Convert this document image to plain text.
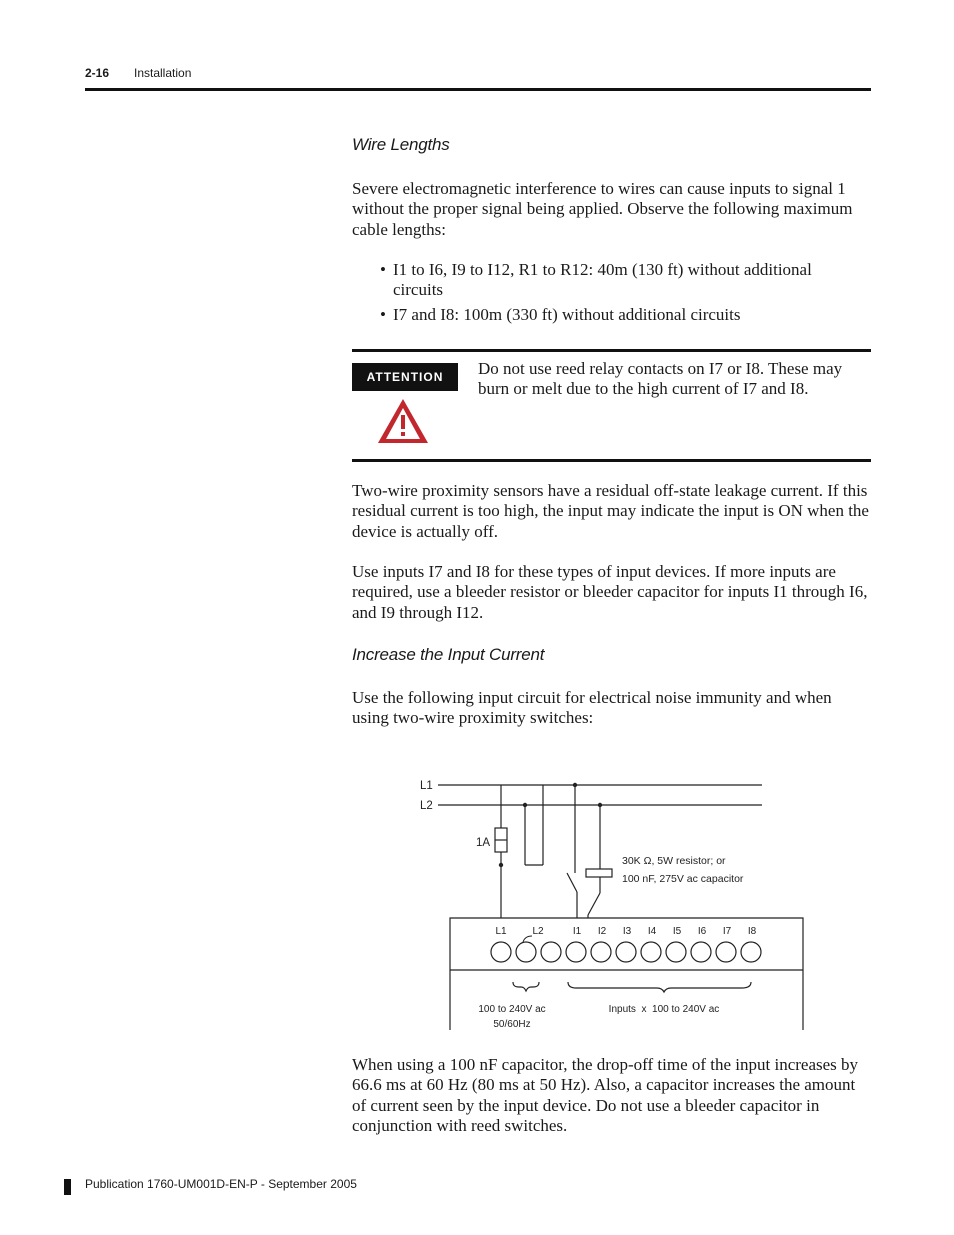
2-16 Installation
Wire Lengths
Severe electromagnetic interference to wires can cause inputs to signal 1 without the proper signal being applied. Observe the following maximum cable lengths:
• I1 to I6, I9 to I12, R1 to R12: 40m (130 ft) without additional circuits
• I7 and I8: 100m (330 ft) without additional circuits
ATTENTION	Do not use reed relay contacts on I7 or I8. These may burn or melt due to the high current of I7 and I8.
Two-wire proximity sensors have a residual off-state leakage current. If this residual current is too high, the input may indicate the input is ON when the device is actually off.
Use inputs I7 and I8 for these types of input devices. If more inputs are required, use a bleeder resistor or bleeder capacitor for inputs I1 through I6, and I9 through I12.
Increase the Input Current
Use the following input circuit for electrical noise immunity and when using two-wire proximity switches:
L1
L2
1A
30K Ω, 5W resistor; or
100 nF, 275V ac capacitor
L1	L2	I1 I2 I3 I4 I5 I6 I7 I8
100 to 240V ac
50/60Hz
Inputs  x  100 to 240V ac
When using a 100 nF capacitor, the drop-off time of the input increases by 66.6 ms at 60 Hz (80 ms at 50 Hz). Also, a capacitor increases the amount of current seen by the input device. Do not use a bleeder capacitor in conjunction with reed switches.
Publication 1760-UM001D-EN-P - September 2005
